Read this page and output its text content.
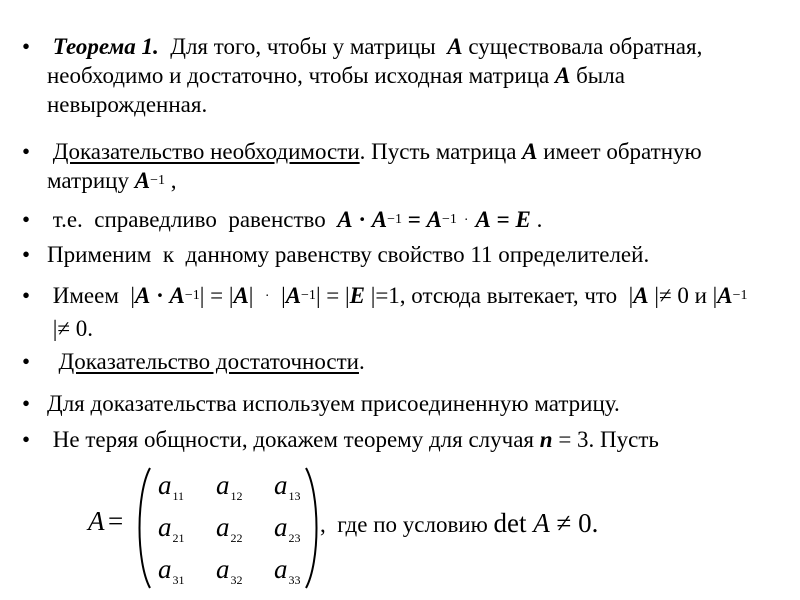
• Теорема 1.  Для того, чтобы у матрицы  A существовала обратная, необходимо и достаточно, чтобы исходная матрица A была невырожденная.
• Доказательство необходимости. Пусть матрица A имеет обратную матрицу $A^{-1}$ ,
• т.е.  справедливо  равенство  $A \cdot A^{-1} = A^{-1} \cdot A = E$ .
• Применим  к  данному равенству свойство 11 определителей.
• Имеем  $|A \cdot A^{-1}| = |A| \cdot |A^{-1}| = |E$ |=1, отсюда вытекает, что  |A |≠ 0 и $|A^{-1}$ |≠ 0.
•	Доказательство достаточности.
• Для доказательства используем присоединенную матрицу.
• Не теряя общности, докажем теорему для случая n = 3. Пусть
A =
$a_{11}$ $a_{12}$ $a_{13}$
$a_{21}$ $a_{22}$ $a_{23}$
$a_{31}$ $a_{32}$ $a_{33}$
,  где по условию det A ≠ 0.
